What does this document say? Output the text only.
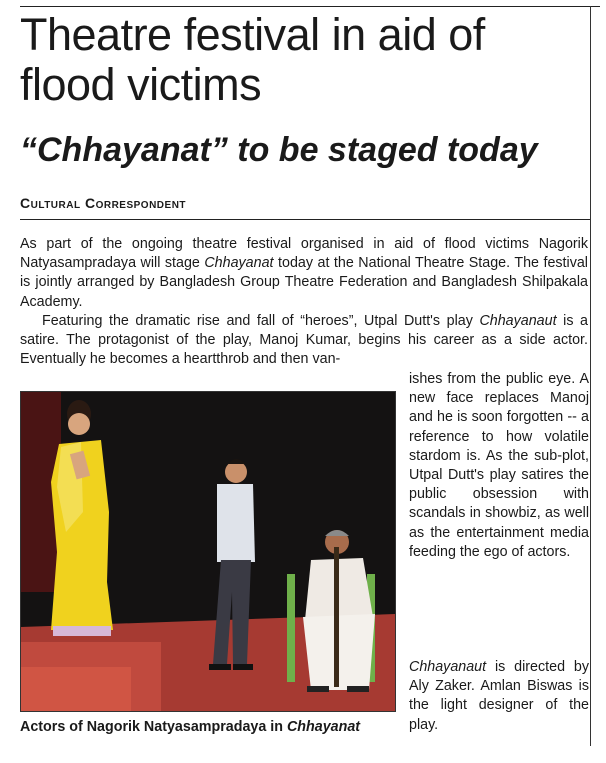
Theatre festival in aid of flood victims
“Chhayanat” to be staged today
Cultural Correspondent
As part of the ongoing theatre festival organised in aid of flood victims Nagorik Natyasampradaya will stage Chhayanat today at the National Theatre Stage. The festival is jointly arranged by Bangladesh Group Theatre Federation and Bangladesh Shilpakala Academy.
Featuring the dramatic rise and fall of “heroes”, Utpal Dutt's play Chhayanaut is a satire. The protagonist of the play, Manoj Kumar, begins his career as a side actor. Eventually he becomes a heartthrob and then van-
ishes from the public eye. A new face replaces Manoj and he is soon forgotten -- a reference to how volatile stardom is. As the sub-plot, Utpal Dutt's play satires the public obsession with scandals in showbiz, as well as the entertainment media feeding the ego of actors.
Chhayanaut is directed by Aly Zaker. Amlan Biswas is the light designer of the play.
Actors of Nagorik Natyasampradaya in Chhayanat
